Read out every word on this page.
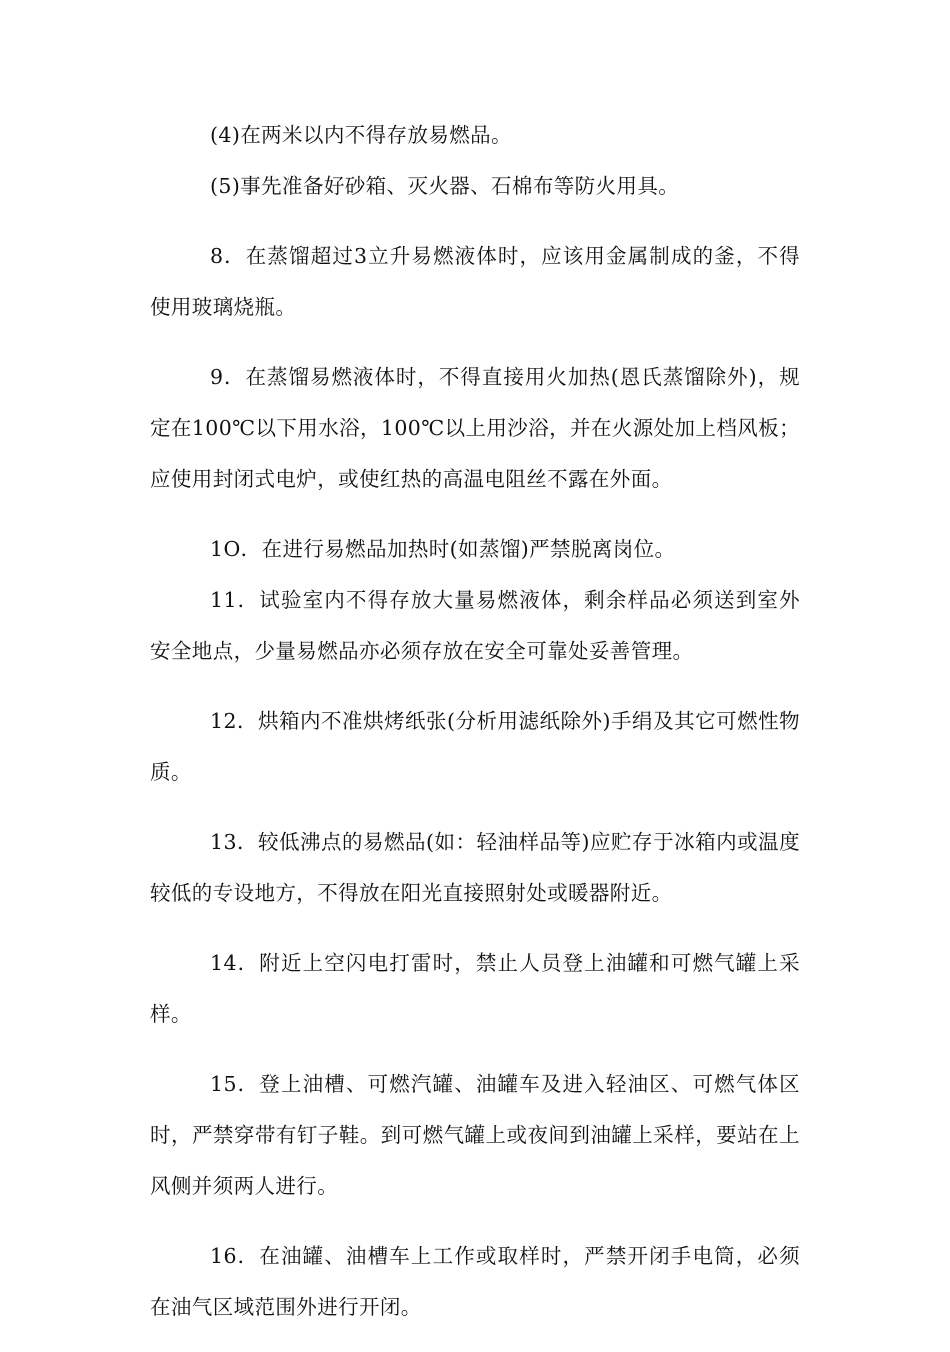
(4)在两米以内不得存放易燃品。

(5)事先准备好砂箱、灭火器、石棉布等防火用具。

8．在蒸馏超过3立升易燃液体时，应该用金属制成的釜，不得使用玻璃烧瓶。

9．在蒸馏易燃液体时，不得直接用火加热(恩氏蒸馏除外)，规定在100℃以下用水浴，100℃以上用沙浴，并在火源处加上档风板；应使用封闭式电炉，或使红热的高温电阻丝不露在外面。

1O．在进行易燃品加热时(如蒸馏)严禁脱离岗位。

11．试验室内不得存放大量易燃液体，剩余样品必须送到室外安全地点，少量易燃品亦必须存放在安全可靠处妥善管理。

12．烘箱内不准烘烤纸张(分析用滤纸除外)手绢及其它可燃性物质。

13．较低沸点的易燃品(如：轻油样品等)应贮存于冰箱内或温度较低的专设地方，不得放在阳光直接照射处或暖器附近。

14．附近上空闪电打雷时，禁止人员登上油罐和可燃气罐上采样。

15．登上油槽、可燃汽罐、油罐车及进入轻油区、可燃气体区时，严禁穿带有钉子鞋。到可燃气罐上或夜间到油罐上采样，要站在上风侧并须两人进行。

16．在油罐、油槽车上工作或取样时，严禁开闭手电筒，必须在油气区域范围外进行开闭。
